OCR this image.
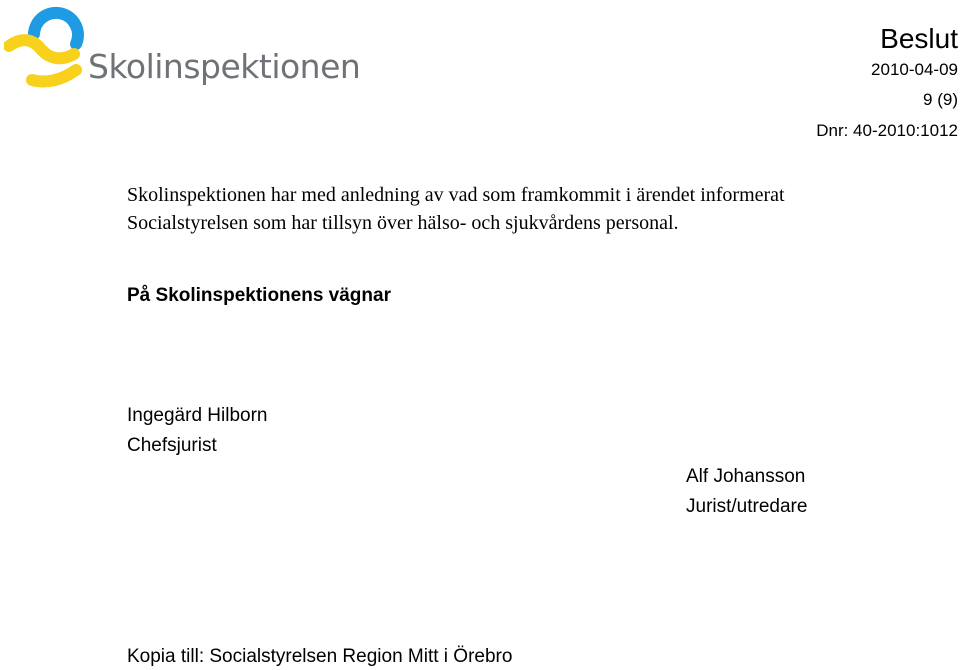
Skolinspektionen
Beslut
2010-04-09
9 (9)
Dnr: 40-2010:1012

Skolinspektionen har med anledning av vad som framkommit i ärendet informerat

Socialstyrelsen som har tillsyn över hälso- och sjukvårdens personal.

På Skolinspektionens vägnar
Ingegärd Hilborn
Chefsjurist
Alf Johansson
Jurist/utredare
Kopia till: Socialstyrelsen Region Mitt i Örebro
